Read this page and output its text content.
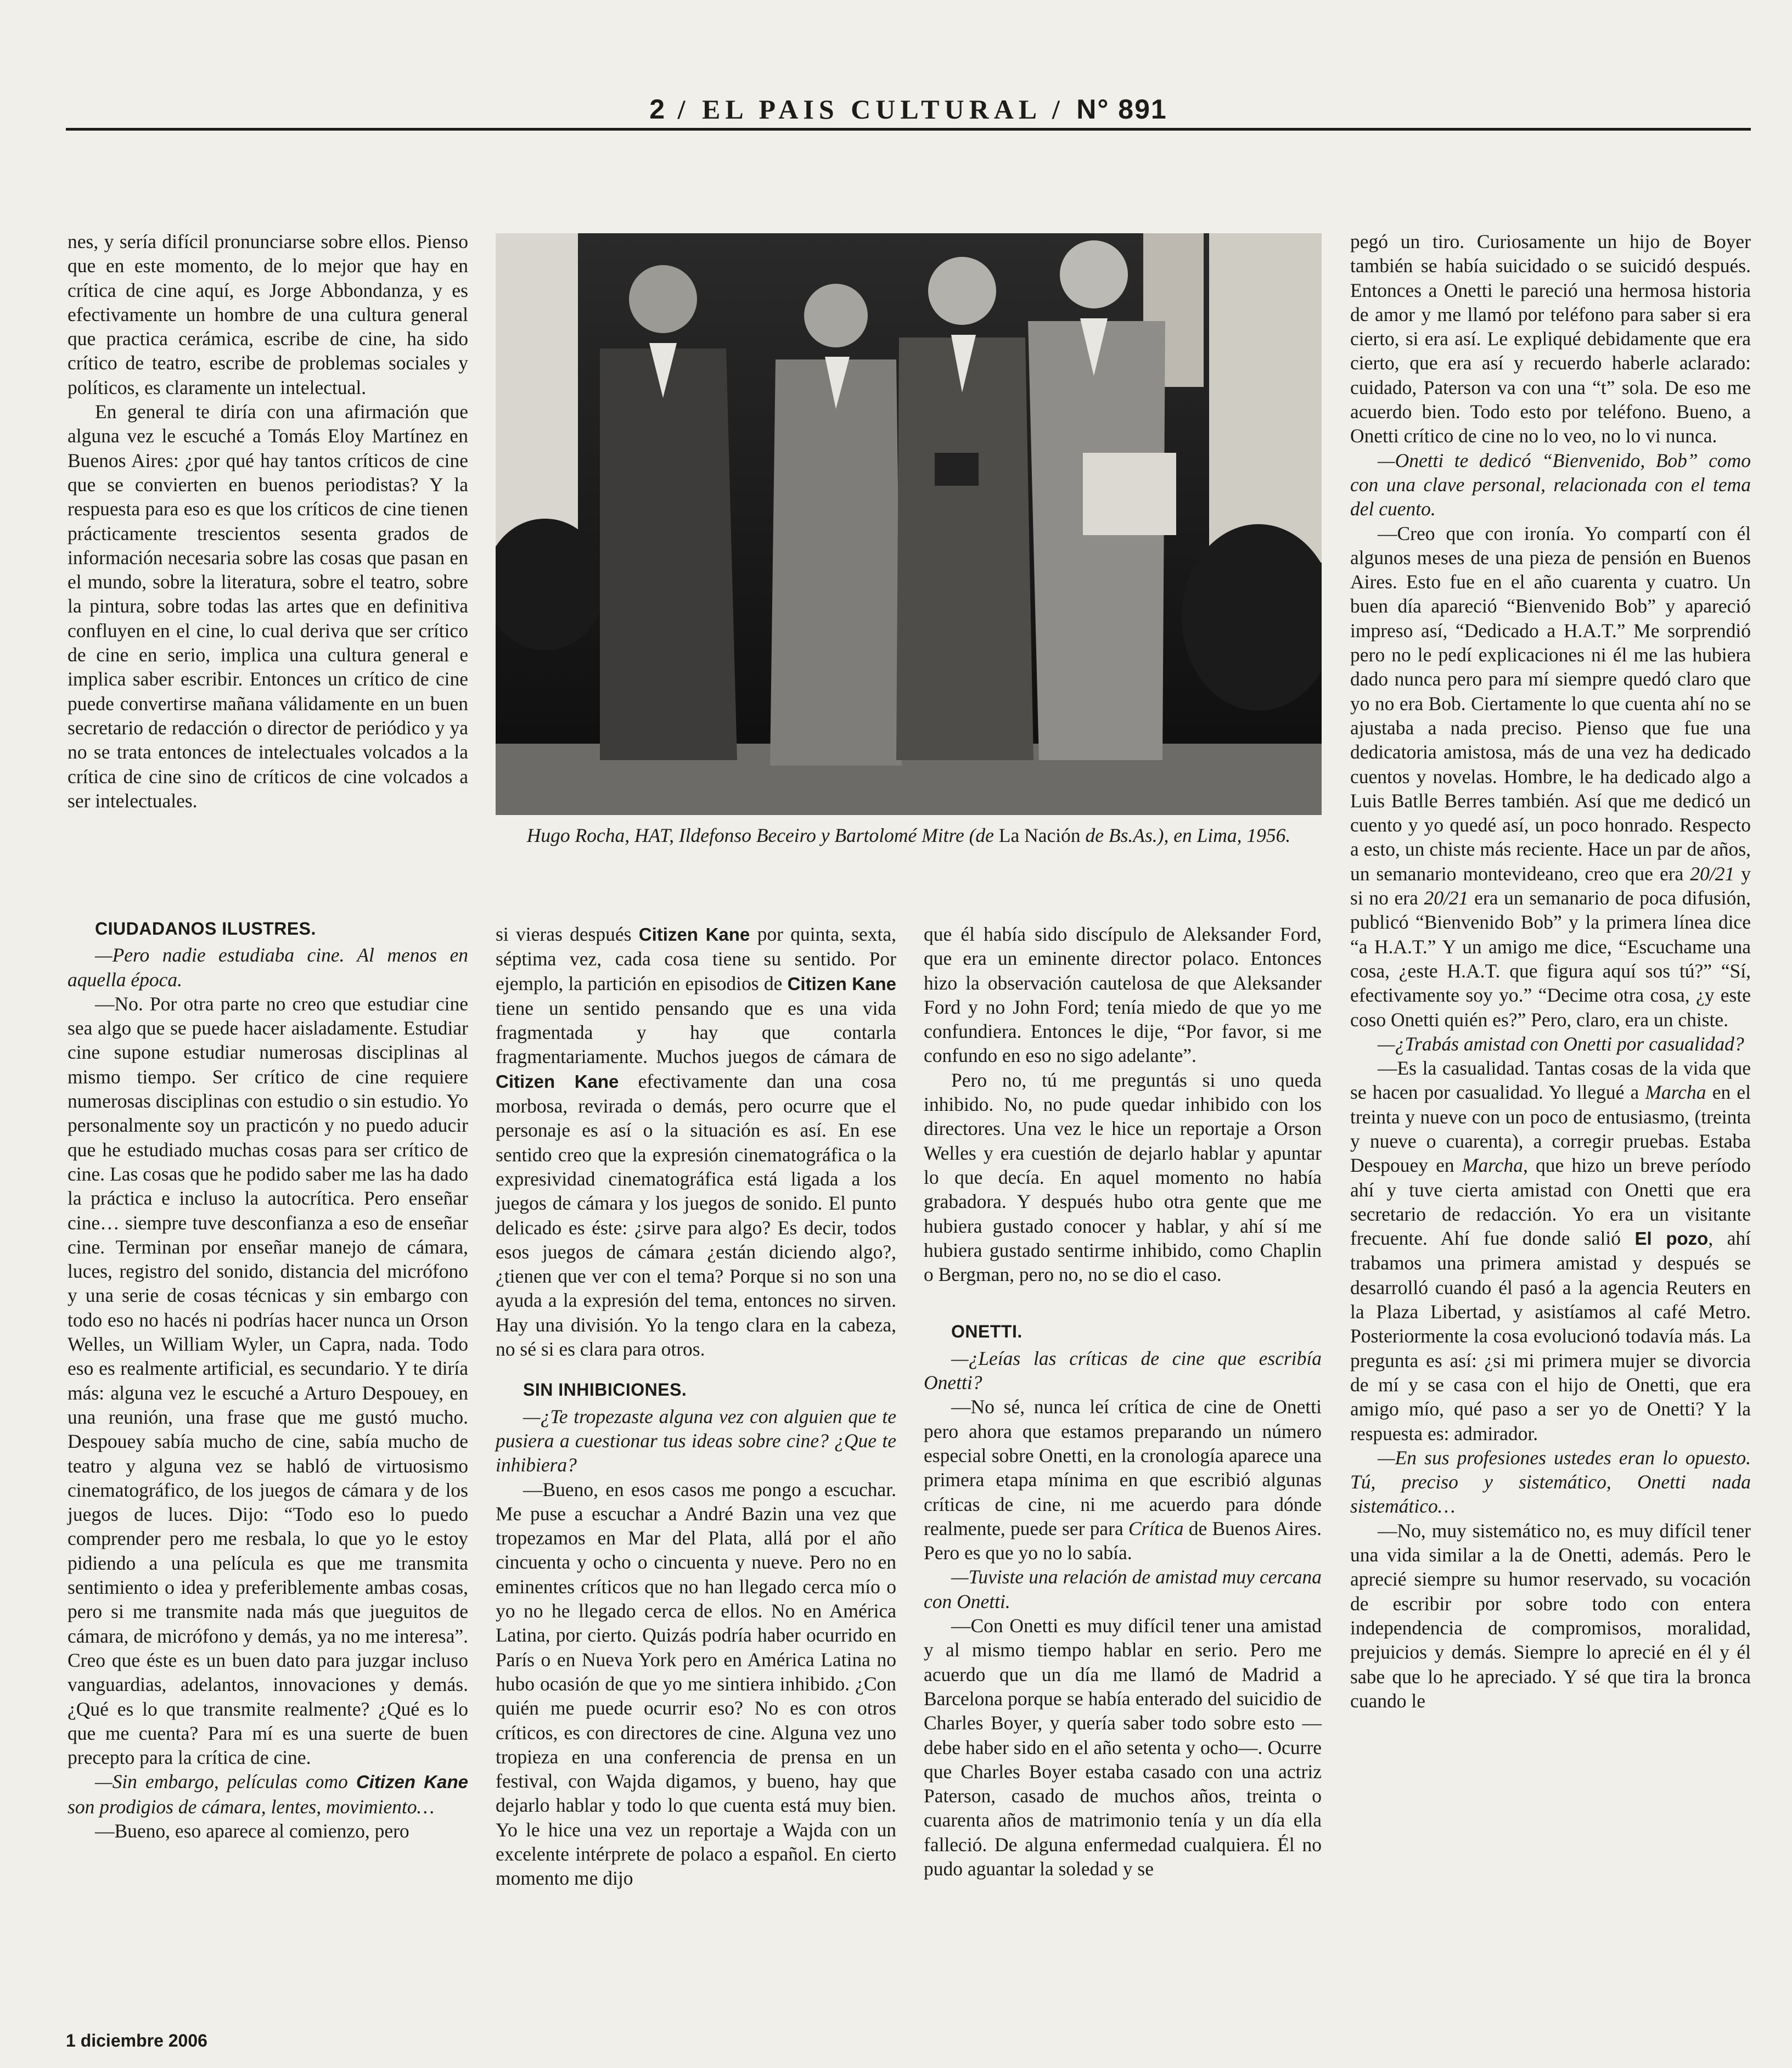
2 / EL PAIS CULTURAL / N° 891

nes, y sería difícil pronunciarse sobre ellos. Pienso que en este momento, de lo mejor que hay en crítica de cine aquí, es Jorge Abbondanza, y es efectivamente un hombre de una cultura general que practica cerámica, escribe de cine, ha sido crítico de teatro, escribe de problemas sociales y políticos, es claramente un intelectual.

En general te diría con una afirmación que alguna vez le escuché a Tomás Eloy Martínez en Buenos Aires: ¿por qué hay tantos críticos de cine que se convierten en buenos periodistas? Y la respuesta para eso es que los críticos de cine tienen prácticamente trescientos sesenta grados de información necesaria sobre las cosas que pasan en el mundo, sobre la literatura, sobre el teatro, sobre la pintura, sobre todas las artes que en definitiva confluyen en el cine, lo cual deriva que ser crítico de cine en serio, implica una cultura general e implica saber escribir. Entonces un crítico de cine puede convertirse mañana válidamente en un buen secretario de redacción o director de periódico y ya no se trata entonces de intelectuales volcados a la crítica de cine sino de críticos de cine volcados a ser intelectuales.

Hugo Rocha, HAT, Ildefonso Beceiro y Bartolomé Mitre (de La Nación de Bs.As.), en Lima, 1956.

CIUDADANOS ILUSTRES.

—Pero nadie estudiaba cine. Al menos en aquella época.

—No. Por otra parte no creo que estudiar cine sea algo que se puede hacer aisladamente. Estudiar cine supone estudiar numerosas disciplinas al mismo tiempo. Ser crítico de cine requiere numerosas disciplinas con estudio o sin estudio. Yo personalmente soy un practicón y no puedo aducir que he estudiado muchas cosas para ser crítico de cine. Las cosas que he podido saber me las ha dado la práctica e incluso la autocrítica. Pero enseñar cine… siempre tuve desconfianza a eso de enseñar cine. Terminan por enseñar manejo de cámara, luces, registro del sonido, distancia del micrófono y una serie de cosas técnicas y sin embargo con todo eso no hacés ni podrías hacer nunca un Orson Welles, un William Wyler, un Capra, nada. Todo eso es realmente artificial, es secundario. Y te diría más: alguna vez le escuché a Arturo Despouey, en una reunión, una frase que me gustó mucho. Despouey sabía mucho de cine, sabía mucho de teatro y alguna vez se habló de virtuosismo cinematográfico, de los juegos de cámara y de los juegos de luces. Dijo: “Todo eso lo puedo comprender pero me resbala, lo que yo le estoy pidiendo a una película es que me transmita sentimiento o idea y preferiblemente ambas cosas, pero si me transmite nada más que jueguitos de cámara, de micrófono y demás, ya no me interesa”. Creo que éste es un buen dato para juzgar incluso vanguardias, adelantos, innovaciones y demás. ¿Qué es lo que transmite realmente? ¿Qué es lo que me cuenta? Para mí es una suerte de buen precepto para la crítica de cine.

—Sin embargo, películas como Citizen Kane son prodigios de cámara, lentes, movimiento…

—Bueno, eso aparece al comienzo, pero

si vieras después Citizen Kane por quinta, sexta, séptima vez, cada cosa tiene su sentido. Por ejemplo, la partición en episodios de Citizen Kane tiene un sentido pensando que es una vida fragmentada y hay que contarla fragmentariamente. Muchos juegos de cámara de Citizen Kane efectivamente dan una cosa morbosa, revirada o demás, pero ocurre que el personaje es así o la situación es así. En ese sentido creo que la expresión cinematográfica o la expresividad cinematográfica está ligada a los juegos de cámara y los juegos de sonido. El punto delicado es éste: ¿sirve para algo? Es decir, todos esos juegos de cámara ¿están diciendo algo?, ¿tienen que ver con el tema? Porque si no son una ayuda a la expresión del tema, entonces no sirven. Hay una división. Yo la tengo clara en la cabeza, no sé si es clara para otros.

SIN INHIBICIONES.

—¿Te tropezaste alguna vez con alguien que te pusiera a cuestionar tus ideas sobre cine? ¿Que te inhibiera?

—Bueno, en esos casos me pongo a escuchar. Me puse a escuchar a André Bazin una vez que tropezamos en Mar del Plata, allá por el año cincuenta y ocho o cincuenta y nueve. Pero no en eminentes críticos que no han llegado cerca mío o yo no he llegado cerca de ellos. No en América Latina, por cierto. Quizás podría haber ocurrido en París o en Nueva York pero en América Latina no hubo ocasión de que yo me sintiera inhibido. ¿Con quién me puede ocurrir eso? No es con otros críticos, es con directores de cine. Alguna vez uno tropieza en una conferencia de prensa en un festival, con Wajda digamos, y bueno, hay que dejarlo hablar y todo lo que cuenta está muy bien. Yo le hice una vez un reportaje a Wajda con un excelente intérprete de polaco a español. En cierto momento me dijo

que él había sido discípulo de Aleksander Ford, que era un eminente director polaco. Entonces hizo la observación cautelosa de que Aleksander Ford y no John Ford; tenía miedo de que yo me confundiera. Entonces le dije, “Por favor, si me confundo en eso no sigo adelante”.

Pero no, tú me preguntás si uno queda inhibido. No, no pude quedar inhibido con los directores. Una vez le hice un reportaje a Orson Welles y era cuestión de dejarlo hablar y apuntar lo que decía. En aquel momento no había grabadora. Y después hubo otra gente que me hubiera gustado conocer y hablar, y ahí sí me hubiera gustado sentirme inhibido, como Chaplin o Bergman, pero no, no se dio el caso.

ONETTI.

—¿Leías las críticas de cine que escribía Onetti?

—No sé, nunca leí crítica de cine de Onetti pero ahora que estamos preparando un número especial sobre Onetti, en la cronología aparece una primera etapa mínima en que escribió algunas críticas de cine, ni me acuerdo para dónde realmente, puede ser para Crítica de Buenos Aires. Pero es que yo no lo sabía.

—Tuviste una relación de amistad muy cercana con Onetti.

—Con Onetti es muy difícil tener una amistad y al mismo tiempo hablar en serio. Pero me acuerdo que un día me llamó de Madrid a Barcelona porque se había enterado del suicidio de Charles Boyer, y quería saber todo sobre esto —debe haber sido en el año setenta y ocho—. Ocurre que Charles Boyer estaba casado con una actriz Paterson, casado de muchos años, treinta o cuarenta años de matrimonio tenía y un día ella falleció. De alguna enfermedad cualquiera. Él no pudo aguantar la soledad y se

pegó un tiro. Curiosamente un hijo de Boyer también se había suicidado o se suicidó después. Entonces a Onetti le pareció una hermosa historia de amor y me llamó por teléfono para saber si era cierto, si era así. Le expliqué debidamente que era cierto, que era así y recuerdo haberle aclarado: cuidado, Paterson va con una “t” sola. De eso me acuerdo bien. Todo esto por teléfono. Bueno, a Onetti crítico de cine no lo veo, no lo vi nunca.

—Onetti te dedicó “Bienvenido, Bob” como con una clave personal, relacionada con el tema del cuento.

—Creo que con ironía. Yo compartí con él algunos meses de una pieza de pensión en Buenos Aires. Esto fue en el año cuarenta y cuatro. Un buen día apareció “Bienvenido Bob” y apareció impreso así, “Dedicado a H.A.T.” Me sorprendió pero no le pedí explicaciones ni él me las hubiera dado nunca pero para mí siempre quedó claro que yo no era Bob. Ciertamente lo que cuenta ahí no se ajustaba a nada preciso. Pienso que fue una dedicatoria amistosa, más de una vez ha dedicado cuentos y novelas. Hombre, le ha dedicado algo a Luis Batlle Berres también. Así que me dedicó un cuento y yo quedé así, un poco honrado. Respecto a esto, un chiste más reciente. Hace un par de años, un semanario montevideano, creo que era 20/21 y si no era 20/21 era un semanario de poca difusión, publicó “Bienvenido Bob” y la primera línea dice “a H.A.T.” Y un amigo me dice, “Escuchame una cosa, ¿este H.A.T. que figura aquí sos tú?” “Sí, efectivamente soy yo.” “Decime otra cosa, ¿y este coso Onetti quién es?” Pero, claro, era un chiste.

—¿Trabás amistad con Onetti por casualidad?

—Es la casualidad. Tantas cosas de la vida que se hacen por casualidad. Yo llegué a Marcha en el treinta y nueve con un poco de entusiasmo, (treinta y nueve o cuarenta), a corregir pruebas. Estaba Despouey en Marcha, que hizo un breve período ahí y tuve cierta amistad con Onetti que era secretario de redacción. Yo era un visitante frecuente. Ahí fue donde salió El pozo, ahí trabamos una primera amistad y después se desarrolló cuando él pasó a la agencia Reuters en la Plaza Libertad, y asistíamos al café Metro. Posteriormente la cosa evolucionó todavía más. La pregunta es así: ¿si mi primera mujer se divorcia de mí y se casa con el hijo de Onetti, que era amigo mío, qué paso a ser yo de Onetti? Y la respuesta es: admirador.

—En sus profesiones ustedes eran lo opuesto. Tú, preciso y sistemático, Onetti nada sistemático…

—No, muy sistemático no, es muy difícil tener una vida similar a la de Onetti, además. Pero le aprecié siempre su humor reservado, su vocación de escribir por sobre todo con entera independencia de compromisos, moralidad, prejuicios y demás. Siempre lo aprecié en él y él sabe que lo he apreciado. Y sé que tira la bronca cuando le

1 diciembre 2006
